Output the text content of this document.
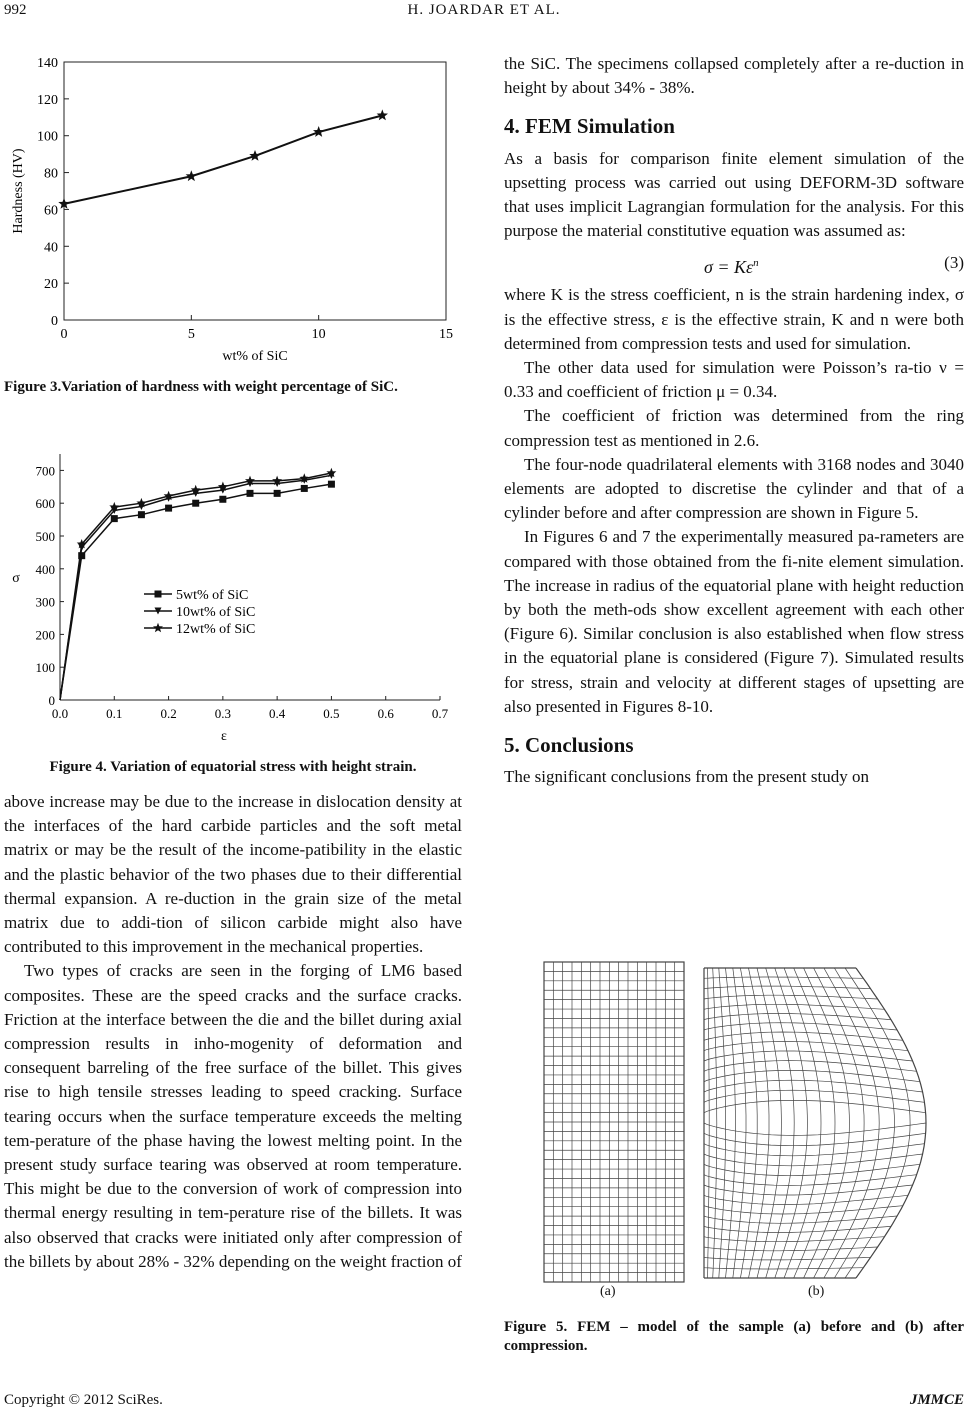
992	H. JOARDAR ET AL.
0
20
40
60
80
100
120
140
0	5	10	15
wt% of SiC
Hardness (HV)
Figure 3.Variation of hardness with weight percentage of SiC.
0
100
200
300
400
500
600
700
0.0	0.1	0.2	0.3	0.4	0.5	0.6	0.7
ε
σ
5wt% of SiC
10wt% of SiC
12wt% of SiC
Figure 4. Variation of equatorial stress with height strain.

above increase may be due to the increase in dislocation density at the interfaces of the hard carbide particles and the soft metal matrix or may be the result of the income-patibility in the elastic and the plastic behavior of the two phases due to their differential thermal expansion. A re-duction in the grain size of the metal matrix due to addi-tion of silicon carbide might also have contributed to this improvement in the mechanical properties.

Two types of cracks are seen in the forging of LM6 based composites. These are the speed cracks and the surface cracks. Friction at the interface between the die and the billet during axial compression results in inho-mogenity of deformation and consequent barreling of the free surface of the billet. This gives rise to high tensile stresses leading to speed cracking. Surface tearing occurs when the surface temperature exceeds the melting tem-perature of the phase having the lowest melting point. In the present study surface tearing was observed at room temperature. This might be due to the conversion of work of compression into thermal energy resulting in tem-perature rise of the billets. It was also observed that cracks were initiated only after compression of the billets by about 28% - 32% depending on the weight fraction of

the SiC. The specimens collapsed completely after a re-duction in height by about 34% - 38%.

4. FEM Simulation

As a basis for comparison finite element simulation of the upsetting process was carried out using DEFORM-3D software that uses implicit Lagrangian formulation for the analysis. For this purpose the material constitutive equation was assumed as:

$\sigma = K\varepsilon^n$	(3)

where K is the stress coefficient, n is the strain hardening index, σ is the effective stress, ε is the effective strain, K and n were both determined from compression tests and used for simulation.

The other data used for simulation were Poisson’s ra-tio ν = 0.33 and coefficient of friction μ = 0.34.

The coefficient of friction was determined from the ring compression test as mentioned in 2.6.

The four-node quadrilateral elements with 3168 nodes and 3040 elements are adopted to discretise the cylinder and that of a cylinder before and after compression are shown in Figure 5.

In Figures 6 and 7 the experimentally measured pa-rameters are compared with those obtained from the fi-nite element simulation. The increase in radius of the equatorial plane with height reduction by both the meth-ods show excellent agreement with each other (Figure 6). Similar conclusion is also established when flow stress in the equatorial plane is considered (Figure 7). Simulated results for stress, strain and velocity at different stages of upsetting are also presented in Figures 8-10.

5. Conclusions

The significant conclusions from the present study on

(a)	(b)
Figure 5. FEM – model of the sample (a) before and (b) after compression.
Copyright © 2012 SciRes.	JMMCE
